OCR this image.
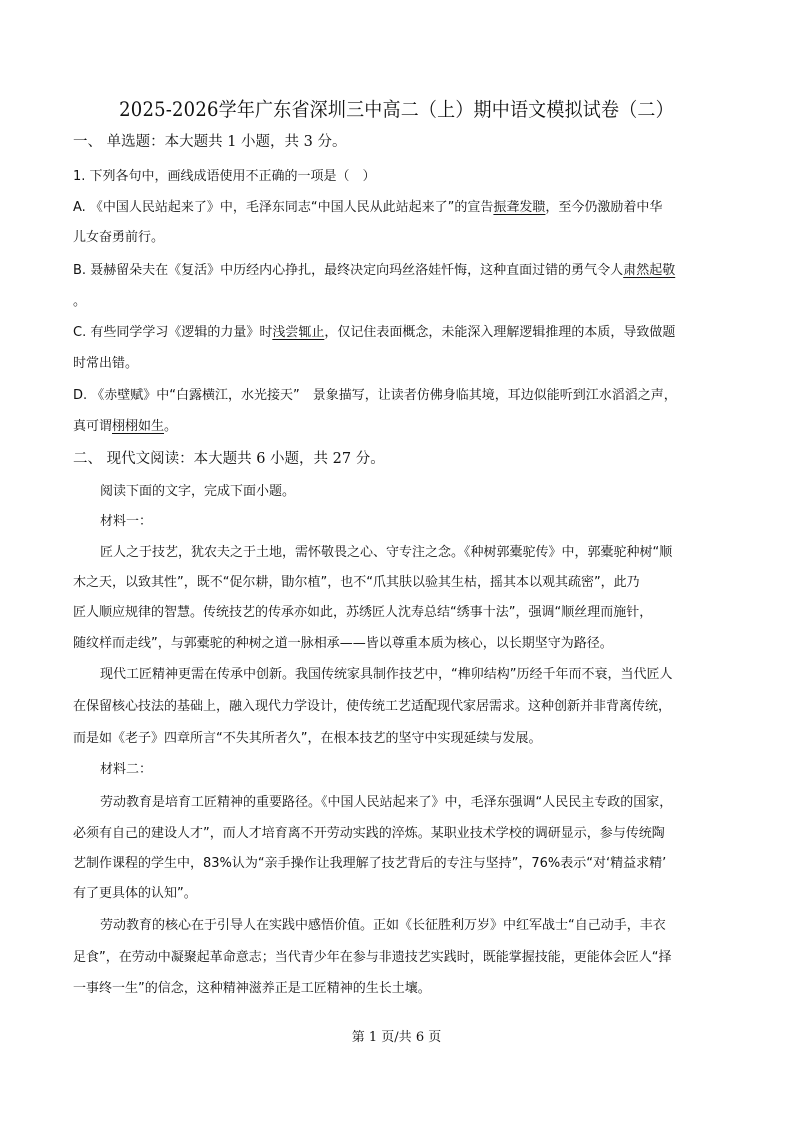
2025-2026学年广东省深圳三中高二（上）期中语文模拟试卷（二）
一、 单选题：本大题共 1 小题，共 3 分。
1. 下列各句中，画线成语使用不正确的一项是（　）
A. 《中国人民站起来了》中，毛泽东同志“中国人民从此站起来了”的宣告振聋发聩，至今仍激励着中华
儿女奋勇前行。
B. 聂赫留朵夫在《复活》中历经内心挣扎，最终决定向玛丝洛娃忏悔，这种直面过错的勇气令人肃然起敬
。
C. 有些同学学习《逻辑的力量》时浅尝辄止，仅记住表面概念，未能深入理解逻辑推理的本质，导致做题
时常出错。
D. 《赤壁赋》中“白露横江，水光接天”　景象描写，让读者仿佛身临其境，耳边似能听到江水滔滔之声，
真可谓栩栩如生。
二、 现代文阅读：本大题共 6 小题，共 27 分。
阅读下面的文字，完成下面小题。
材料一：
匠人之于技艺，犹农夫之于土地，需怀敬畏之心、守专注之念。《种树郭橐驼传》中，郭橐驼种树“顺
木之天，以致其性”，既不“促尔耕，勖尔植”，也不“爪其肤以验其生枯，摇其本以观其疏密”，此乃
匠人顺应规律的智慧。传统技艺的传承亦如此，苏绣匠人沈寿总结“绣事十法”，强调“顺丝理而施针，
随纹样而走线”，与郭橐驼的种树之道一脉相承——皆以尊重本质为核心，以长期坚守为路径。
现代工匠精神更需在传承中创新。我国传统家具制作技艺中，“榫卯结构”历经千年而不衰，当代匠人
在保留核心技法的基础上，融入现代力学设计，使传统工艺适配现代家居需求。这种创新并非背离传统，
而是如《老子》四章所言“不失其所者久”，在根本技艺的坚守中实现延续与发展。
材料二：
劳动教育是培育工匠精神的重要路径。《中国人民站起来了》中，毛泽东强调“人民民主专政的国家，
必须有自己的建设人才”，而人才培育离不开劳动实践的淬炼。某职业技术学校的调研显示，参与传统陶
艺制作课程的学生中，83%认为“亲手操作让我理解了技艺背后的专注与坚持”，76%表示“对‘精益求精’
有了更具体的认知”。
劳动教育的核心在于引导人在实践中感悟价值。正如《长征胜利万岁》中红军战士“自己动手，丰衣
足食”，在劳动中凝聚起革命意志；当代青少年在参与非遗技艺实践时，既能掌握技能，更能体会匠人“择
一事终一生”的信念，这种精神滋养正是工匠精神的生长土壤。
第 1 页/共 6 页
